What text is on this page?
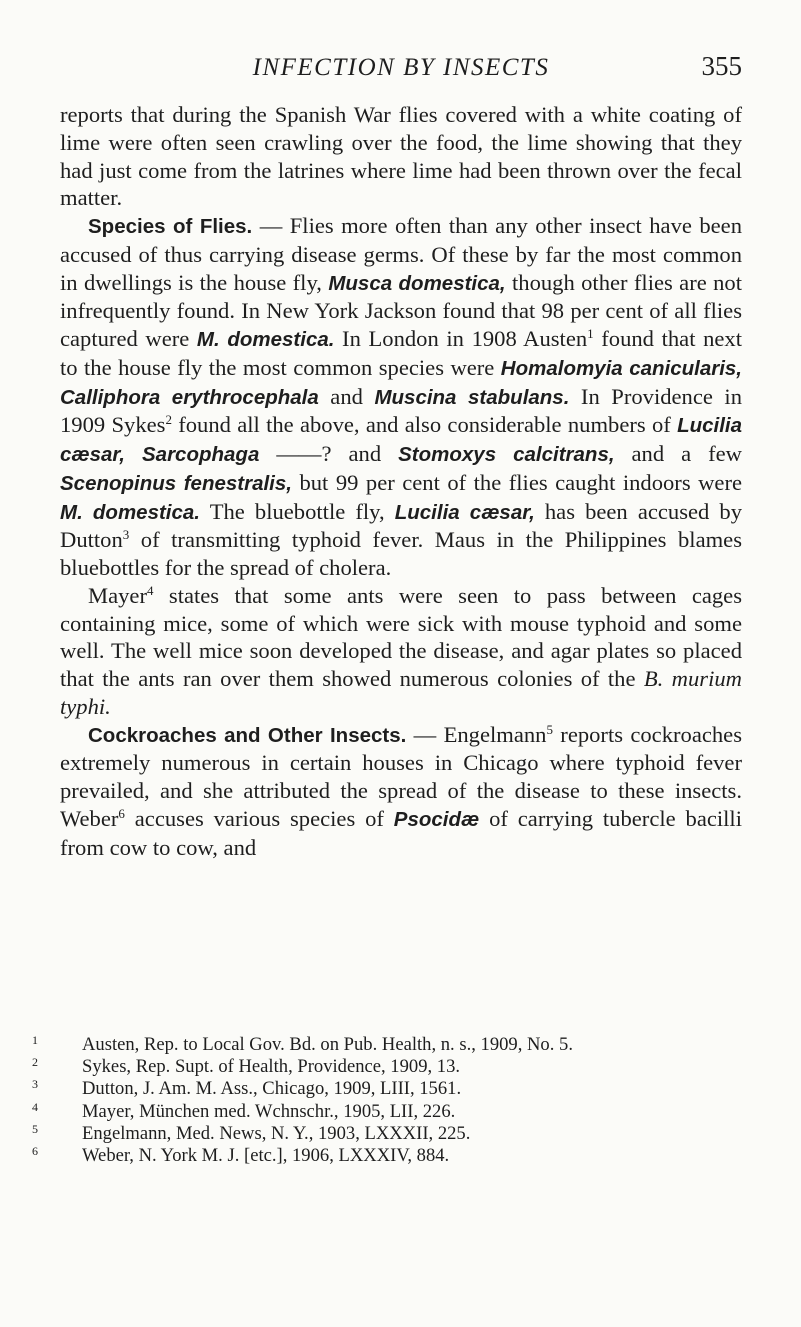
INFECTION BY INSECTS	355

reports that during the Spanish War flies covered with a white coating of lime were often seen crawling over the food, the lime showing that they had just come from the latrines where lime had been thrown over the fecal matter.

Species of Flies. — Flies more often than any other insect have been accused of thus carrying disease germs. Of these by far the most common in dwellings is the house fly, Musca domestica, though other flies are not infrequently found. In New York Jackson found that 98 per cent of all flies captured were M. domestica. In London in 1908 Austen$^1$ found that next to the house fly the most common species were Homalomyia canicularis, Calliphora erythrocephala and Muscina stabulans. In Providence in 1909 Sykes$^2$ found all the above, and also considerable numbers of Lucilia cæsar, Sarcophaga ——? and Stomoxys calcitrans, and a few Scenopinus fenestralis, but 99 per cent of the flies caught indoors were M. domestica. The bluebottle fly, Lucilia cæsar, has been accused by Dutton$^3$ of transmitting typhoid fever. Maus in the Philippines blames bluebottles for the spread of cholera.

Mayer$^4$ states that some ants were seen to pass between cages containing mice, some of which were sick with mouse typhoid and some well. The well mice soon developed the disease, and agar plates so placed that the ants ran over them showed numerous colonies of the B. murium typhi.

Cockroaches and Other Insects. — Engelmann$^5$ reports cockroaches extremely numerous in certain houses in Chicago where typhoid fever prevailed, and she attributed the spread of the disease to these insects. Weber$^6$ accuses various species of Psocidæ of carrying tubercle bacilli from cow to cow, and

1 Austen, Rep. to Local Gov. Bd. on Pub. Health, n. s., 1909, No. 5.
2 Sykes, Rep. Supt. of Health, Providence, 1909, 13.
3 Dutton, J. Am. M. Ass., Chicago, 1909, LIII, 1561.
4 Mayer, München med. Wchnschr., 1905, LII, 226.
5 Engelmann, Med. News, N. Y., 1903, LXXXII, 225.
6 Weber, N. York M. J. [etc.], 1906, LXXXIV, 884.
